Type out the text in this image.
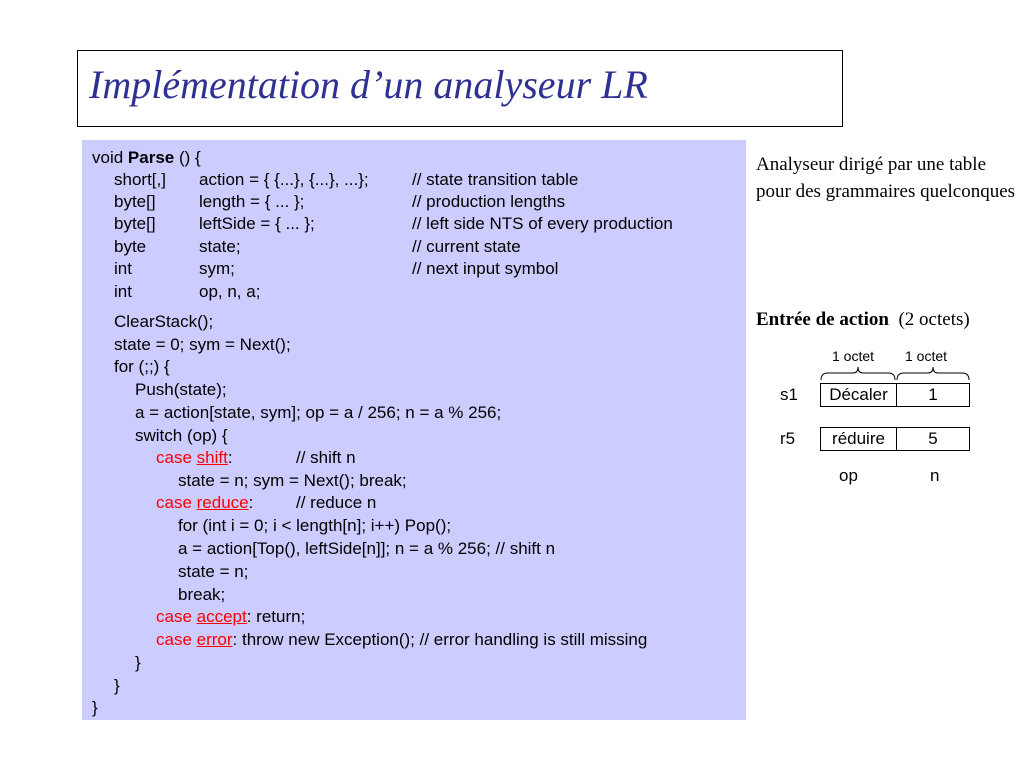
Implémentation d’un analyseur LR
void Parse () {
short[,] action = { {...}, {...}, ...};	// state transition table
byte[]	length = { ... };	// production lengths
byte[]	leftSide = { ... };	// left side NTS of every production
byte	state;	// current state
int	sym;	// next input symbol
int	op, n, a;
ClearStack();
state = 0; sym = Next();
for (;;) {
Push(state);
a = action[state, sym]; op = a / 256; n = a % 256;
switch (op) {
case shift:	// shift n
state = n; sym = Next(); break;
case reduce:	// reduce n
for (int i = 0; i < length[n]; i++) Pop();
a = action[Top(), leftSide[n]]; n = a % 256; // shift n
state = n;
break;
case accept: return;
case error: throw new Exception(); // error handling is still missing
}
}
}

Analyseur dirigé par une table pour des grammaires quelconques

Entrée de action (2 octets)
1 octet 1 octet
s1	Décaler	1
r5	réduire	5
op	n
